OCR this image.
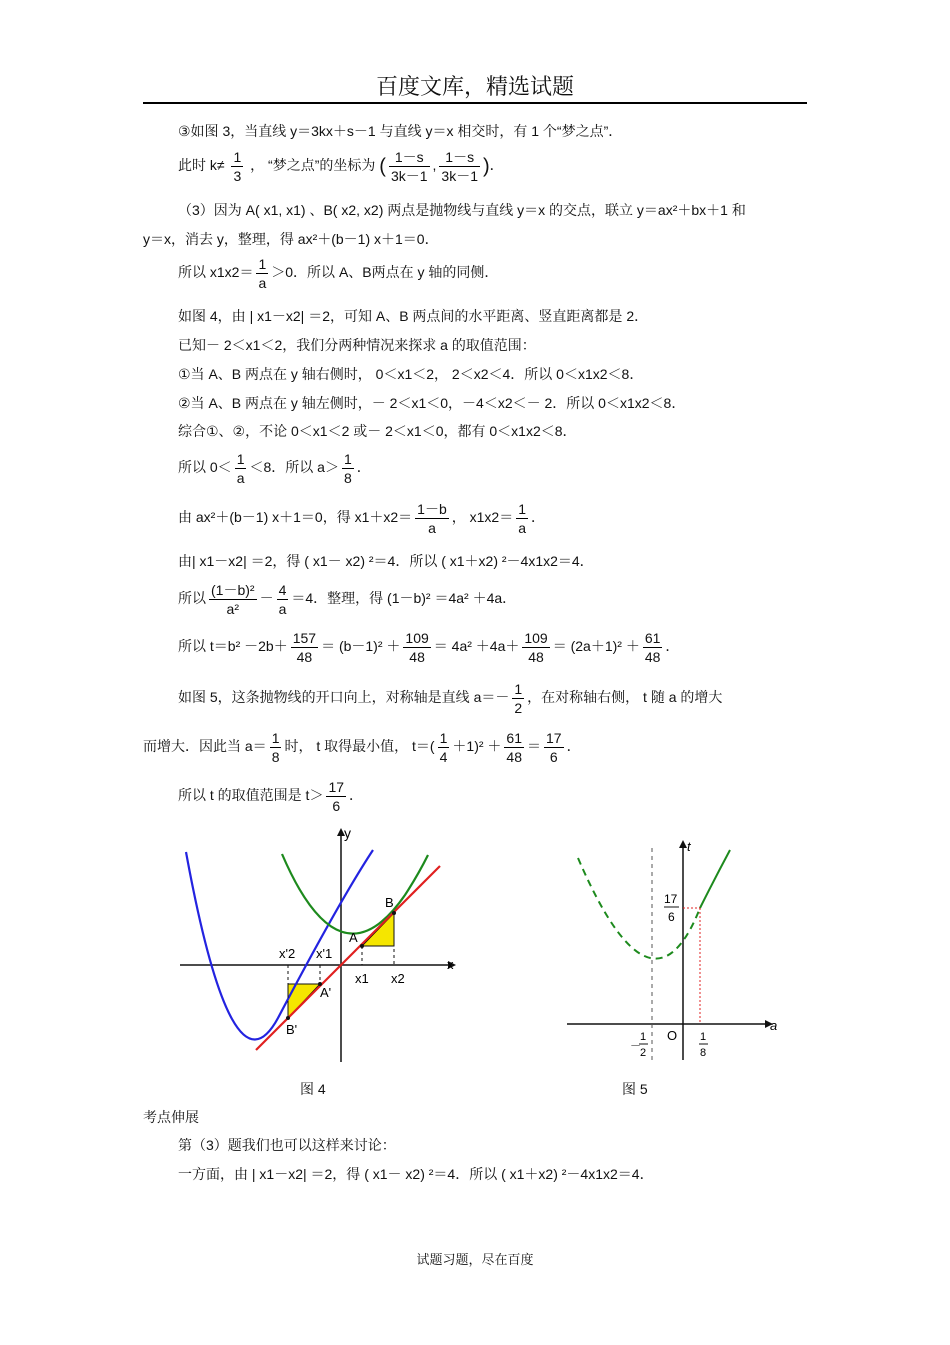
百度文库，精选试题
③如图 3，当直线 y＝3kx＋s－1 与直线 y＝x 相交时，有 1 个“梦之点”．
此时 $k\ne \frac{1}{3}$ ， “梦之点”的坐标为 ( $\frac{1-s}{3k-1}$ , $\frac{1-s}{3k-1}$ )．
（3）因为 A( x1, x1) 、B( x2, x2) 两点是抛物线与直线 y＝x 的交点，联立 y＝ax²＋bx＋1 和
y＝x，消去 y，整理，得 ax²＋(b－1) x＋1＝0．
所以 $x1x2= \frac{1}{a} >0$．所以 A、B两点在 y 轴的同侧．
如图 4，由 | x1－x2| ＝2，可知 A、B 两点间的水平距离、竖直距离都是 2．
已知－ 2＜x1＜2，我们分两种情况来探求 a 的取值范围：
①当 A、B 两点在 y 轴右侧时， 0＜x1＜2， 2＜x2＜4．所以 0＜x1x2＜8．
②当 A、B 两点在 y 轴左侧时，－ 2＜x1＜0，－4＜x2＜－ 2．所以 0＜x1x2＜8．
综合①、②，不论 0＜x1＜2 或－ 2＜x1＜0，都有 0＜x1x2＜8．
所以 $0< \frac{1}{a} <8$．所以 $a> \frac{1}{8}$ ．
由 ax²＋(b－1) x＋1＝0，得 $x1+x2= \frac{1-b}{a}$ ， $x1x2= \frac{1}{a}$ ．
由| x1－x2| ＝2，得 ( x1－ x2) ²＝4．所以 ( x1＋x2) ²－4x1x2＝4．
所以 $\frac{\text{(1－b)²}}{\text{a²}} - \frac{4}{a} =4$．整理，得 (1－b)² ＝4a² ＋4a．
所以 $t=b^2 -2b+ \frac{157}{48} = (b-1)^2 + \frac{109}{48} = 4a^2 +4a+ \frac{109}{48} = (2a+1)^2 + \frac{61}{48}$ ．
如图 5，这条抛物线的开口向上，对称轴是直线 $a=- \frac{1}{2}$ ，在对称轴右侧， t 随 a 的增大
而增大．因此当 $a= \frac{1}{8}$ 时， t 取得最小值， $t=( \frac{1}{4} +1)^2 + \frac{61}{48} = \frac{17}{6}$ ．
所以 t 的取值范围是 $t> \frac{17}{6}$ ．
y
x
A
B
A'
B'
x1 x2
x'1
x'2
图 4
t
a
O
17
6
－
1
2
1
8
图 5
考点伸展
第（3）题我们也可以这样来讨论：
一方面，由 | x1－x2| ＝2，得 ( x1－ x2) ²＝4．所以 ( x1＋x2) ²－4x1x2＝4．
试题习题，尽在百度
